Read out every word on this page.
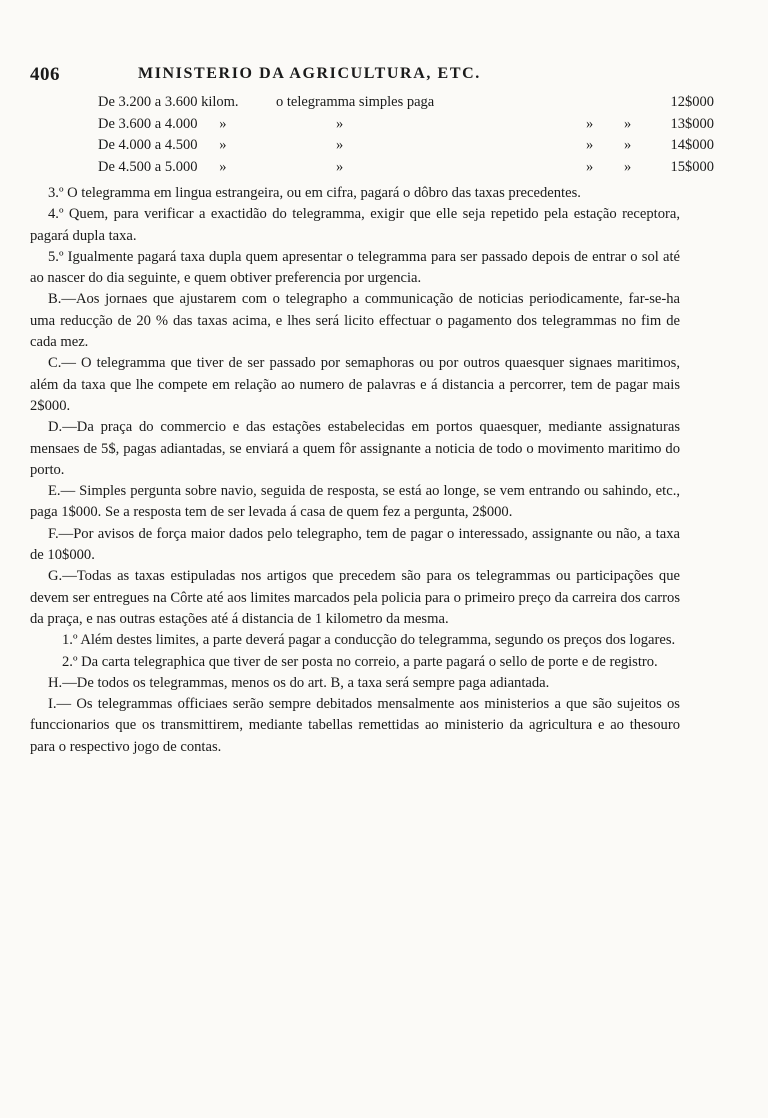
406	MINISTERIO DA AGRICULTURA, ETC.
De 3.200 a 3.600 kilom.	o telegramma simples paga			12$000
De 3.600 a 4.000 »	»	»	»	13$000
De 4.000 a 4.500 »	»	»	»	14$000
De 4.500 a 5.000 »	»	»	»	15$000

3.º O telegramma em lingua estrangeira, ou em cifra, pagará o dôbro das taxas precedentes.

4.º Quem, para verificar a exactidão do telegramma, exigir que elle seja repetido pela estação receptora, pagará dupla taxa.

5.º Igualmente pagará taxa dupla quem apresentar o telegramma para ser passado depois de entrar o sol até ao nascer do dia seguinte, e quem obtiver preferencia por urgencia.

B.—Aos jornaes que ajustarem com o telegrapho a communicação de noticias periodicamente, far-se-ha uma reducção de 20 % das taxas acima, e lhes será licito effectuar o pagamento dos telegrammas no fim de cada mez.

C.— O telegramma que tiver de ser passado por semaphoras ou por outros quaesquer signaes maritimos, além da taxa que lhe compete em relação ao numero de palavras e á distancia a percorrer, tem de pagar mais 2$000.

D.—Da praça do commercio e das estações estabelecidas em portos quaesquer, mediante assignaturas mensaes de 5$, pagas adiantadas, se enviará a quem fôr assignante a noticia de todo o movimento maritimo do porto.

E.— Simples pergunta sobre navio, seguida de resposta, se está ao longe, se vem entrando ou sahindo, etc., paga 1$000. Se a resposta tem de ser levada á casa de quem fez a pergunta, 2$000.

F.—Por avisos de força maior dados pelo telegrapho, tem de pagar o interessado, assignante ou não, a taxa de 10$000.

G.—Todas as taxas estipuladas nos artigos que precedem são para os telegrammas ou participações que devem ser entregues na Côrte até aos limites marcados pela policia para o primeiro preço da carreira dos carros da praça, e nas outras estações até á distancia de 1 kilometro da mesma.

1.º Além destes limites, a parte deverá pagar a conducção do telegramma, segundo os preços dos logares.

2.º Da carta telegraphica que tiver de ser posta no correio, a parte pagará o sello de porte e de registro.

H.—De todos os telegrammas, menos os do art. B, a taxa será sempre paga adiantada.

I.— Os telegrammas officiaes serão sempre debitados mensalmente aos ministerios a que são sujeitos os funccionarios que os transmittirem, mediante tabellas remettidas ao ministerio da agricultura e ao thesouro para o respectivo jogo de contas.
